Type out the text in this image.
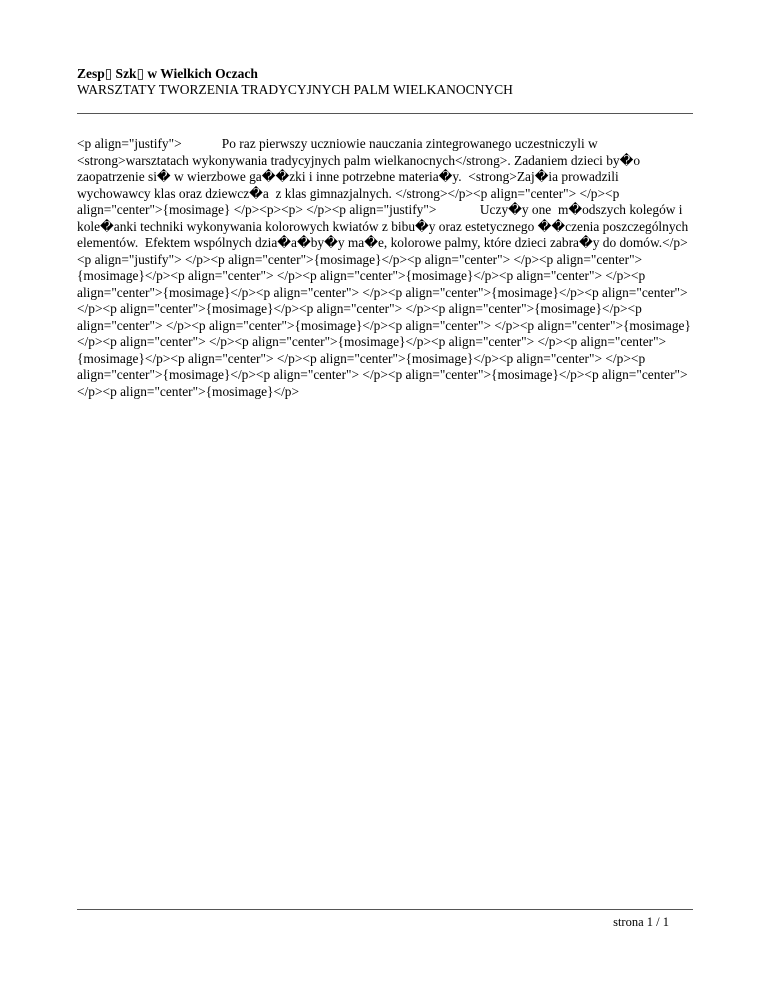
Zesp▯ Szk▯ w Wielkich Oczach
WARSZTATY TWORZENIA TRADYCYJNYCH PALM WIELKANOCNYCH
<p align="justify">            Po raz pierwszy uczniowie nauczania zintegrowanego uczestniczyli w <strong>warsztatach wykonywania tradycyjnych palm wielkanocnych</strong>. Zadaniem dzieci by�o zaopatrzenie si� w wierzbowe ga��zki i inne potrzebne materia�y.  <strong>Zaj�ia prowadzili wychowawcy klas oraz dziewcz�a  z klas gimnazjalnych. </strong></p><p align="center"> </p><p align="center">{mosimage} </p><p><p> </p><p align="justify">             Uczy�y one  m�odszych kolegów i kole�anki techniki wykonywania kolorowych kwiatów z bibu�y oraz estetycznego ��czenia poszczególnych elementów.  Efektem wspólnych dzia�a�by�y ma�e, kolorowe palmy, które dzieci zabra�y do domów.</p><p align="justify"> </p><p align="center">{mosimage}</p><p align="center"> </p><p align="center">{mosimage}</p><p align="center"> </p><p align="center">{mosimage}</p><p align="center"> </p><p align="center">{mosimage}</p><p align="center"> </p><p align="center">{mosimage}</p><p align="center"> </p><p align="center">{mosimage}</p><p align="center"> </p><p align="center">{mosimage}</p><p align="center"> </p><p align="center">{mosimage}</p><p align="center"> </p><p align="center">{mosimage}</p><p align="center"> </p><p align="center">{mosimage}</p><p align="center"> </p><p align="center">{mosimage}</p><p align="center"> </p><p align="center">{mosimage}</p><p align="center"> </p><p align="center">{mosimage}</p><p align="center"> </p><p align="center">{mosimage}</p><p align="center"> </p><p align="center">{mosimage}</p>
strona 1 / 1
